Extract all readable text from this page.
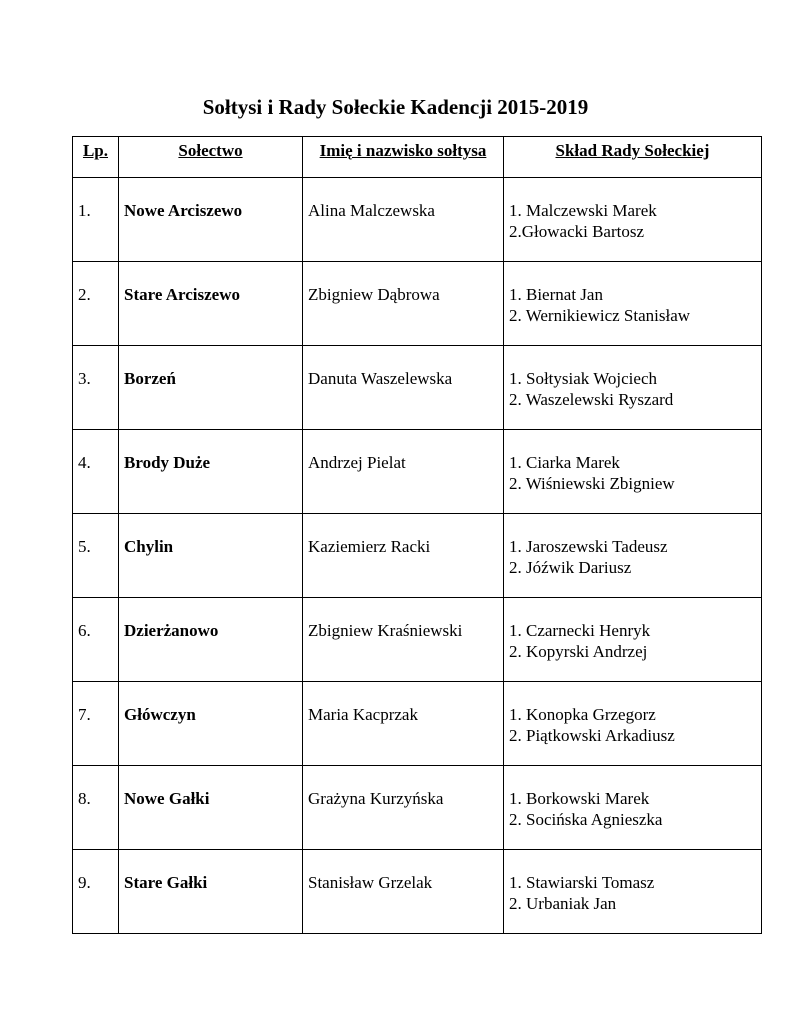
Sołtysi i Rady Sołeckie Kadencji 2015-2019
Lp.	Sołectwo	Imię i nazwisko sołtysa	Skład Rady Sołeckiej
1.	Nowe Arciszewo	Alina Malczewska	1. Malczewski Marek
2.Głowacki Bartosz

2.	Stare Arciszewo	Zbigniew Dąbrowa	1. Biernat Jan
2. Wernikiewicz Stanisław

3.	Borzeń	Danuta Waszelewska	1. Sołtysiak Wojciech
2. Waszelewski Ryszard

4.	Brody Duże	Andrzej Pielat	1. Ciarka Marek
2. Wiśniewski Zbigniew

5.	Chylin	Kaziemierz Racki	1. Jaroszewski Tadeusz
2. Jóźwik Dariusz

6.	Dzierżanowo	Zbigniew Kraśniewski	1. Czarnecki Henryk
2. Kopyrski Andrzej

7.	Główczyn	Maria Kacprzak	1. Konopka Grzegorz
2. Piątkowski Arkadiusz

8.	Nowe Gałki	Grażyna Kurzyńska	1. Borkowski Marek
2. Socińska Agnieszka

9.	Stare Gałki	Stanisław Grzelak	1. Stawiarski Tomasz
2. Urbaniak Jan
